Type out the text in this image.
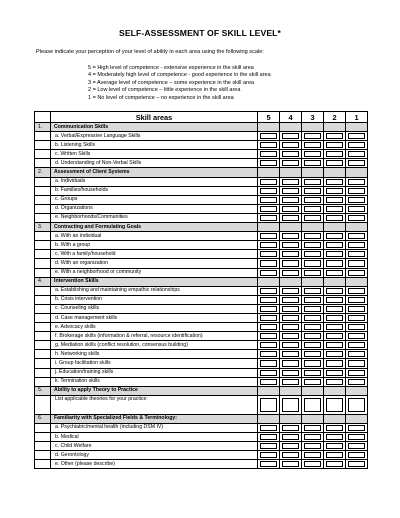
SELF-ASSESSMENT OF SKILL LEVEL*
Please indicate your perception of your level of ability in each area using the following scale:
5 = High level of competence - extensive experience in the skill area
4 = Moderately high level of competence - good experience in the skill area
3 = Average level of competence – some experience in the skill area
2 = Low level of competence – little experience in the skill area
1 = No level of competence – no experience in the skill area
	Skill areas	5	4	3	2	1
1.	Communication Skills					
	a. Verbal/Expressive Language Skills	

	b. Listening Skills	

	c. Written Skills	

	d. Understanding of Non-Verbal Skills	

2.	Assessment of Client Systems					
	a. Individuals	

	b. Families/households	

	c. Groups	

	d. Organizations	

	e. Neighborhoods/Communities	

3.	Contracting and Formulating Goals					
	a. With an individual	

	b. With a group	

	c. With a family/household	

	d. With an organization	

	e. With a neighborhood or community	

4.	Intervention Skills					
	a. Establishing and maintaining empathic relationships	

	b. Crisis intervention	

	c. Counseling skills	

	d. Case management skills	

	e. Advocacy skills	

	f. Brokerage skills (information & referral, resource identification)	

	g. Mediation skills (conflict resolution, consensus building)	

	h. Networking skills	

	i. Group facilitation skills	

	j. Education/training skills	

	k. Termination skills	

5.	Ability to apply Theory to Practice					
	List applicable theories for your practice:	

6.	Familiarity with Specialized Fields & Terminology:					
	a. Psychiatric/mental health (including DSM IV)	

	b. Medical	

	c. Child Welfare	

	d. Gerontology	

	e. Other (please describe)	
